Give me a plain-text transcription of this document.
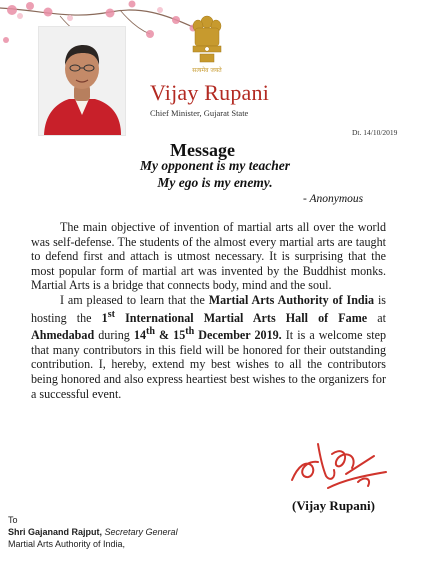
सत्यमेव जयते
Vijay Rupani
Chief Minister, Gujarat State
Dt. 14/10/2019
Message
My opponent is my teacher
My ego is my enemy.
- Anonymous

The main objective of invention of martial arts all over the world was self-defense. The students of the almost every martial arts are taught to defend first and attach is utmost necessary. It is surprising that the most popular form of martial art was invented by the Buddhist monks. Martial Arts is a bridge that connects body, mind and the soul.

I am pleased to learn that the Martial Arts Authority of India is hosting the 1st International Martial Arts Hall of Fame at Ahmedabad during 14th & 15th December 2019. It is a welcome step that many contributors in this field will be honored for their outstanding contribution. I, hereby, extend my best wishes to all the contributors being honored and also express heartiest best wishes to the organizers for a successful event.

(Vijay Rupani)
To
Shri Gajanand Rajput, Secretary General
Martial Arts Authority of India,
